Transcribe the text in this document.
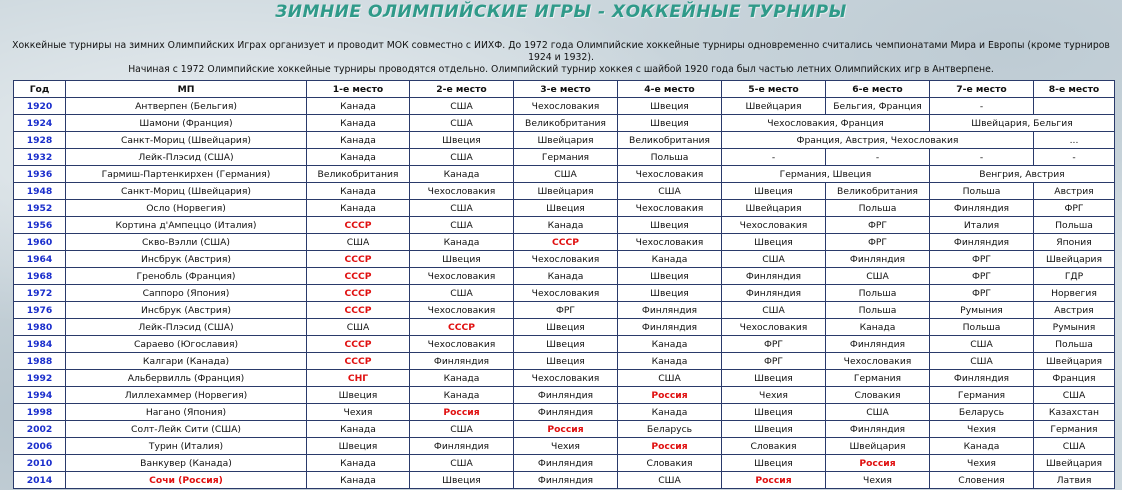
ЗИМНИЕ ОЛИМПИЙСКИЕ ИГРЫ - ХОККЕЙНЫЕ ТУРНИРЫ
Хоккейные турниры на зимних Олимпийских Играх организует и проводит МОК совместно с ИИХФ. До 1972 года Олимпийские хоккейные турниры одновременно считались чемпионатами Мира и Европы (кроме турниров 1924 и 1932).
Начиная с 1972 Олимпийские хоккейные турниры проводятся отдельно. Олимпийский турнир хоккея с шайбой 1920 года был частью летних Олимпийских игр в Антверпене.
Год	МП	1-е место	2-е место	3-е место	4-е место	5-е место	6-е место	7-е место	8-е место
1920	Антверпен (Бельгия)	Канада	США	Чехословакия	Швеция	Швейцария	Бельгия, Франция	-	
1924	Шамони (Франция)	Канада	США	Великобритания	Швеция	Чехословакия, Франция		Швейцария, Бельгия	
1928	Санкт-Мориц (Швейцария)	Канада	Швеция	Швейцария	Великобритания	Франция, Австрия, Чехословакия			...
1932	Лейк-Плэсид (США)	Канада	США	Германия	Польша	-	-	-	-
1936	Гармиш-Партенкирхен (Германия)	Великобритания	Канада	США	Чехословакия	Германия, Швеция		Венгрия, Австрия	
1948	Санкт-Мориц (Швейцария)	Канада	Чехословакия	Швейцария	США	Швеция	Великобритания	Польша	Австрия
1952	Осло (Норвегия)	Канада	США	Швеция	Чехословакия	Швейцария	Польша	Финляндия	ФРГ
1956	Кортина д'Ампеццо (Италия)	СССР	США	Канада	Швеция	Чехословакия	ФРГ	Италия	Польша
1960	Скво-Вэлли (США)	США	Канада	СССР	Чехословакия	Швеция	ФРГ	Финляндия	Япония
1964	Инсбрук (Австрия)	СССР	Швеция	Чехословакия	Канада	США	Финляндия	ФРГ	Швейцария
1968	Гренобль (Франция)	СССР	Чехословакия	Канада	Швеция	Финляндия	США	ФРГ	ГДР
1972	Саппоро (Япония)	СССР	США	Чехословакия	Швеция	Финляндия	Польша	ФРГ	Норвегия
1976	Инсбрук (Австрия)	СССР	Чехословакия	ФРГ	Финляндия	США	Польша	Румыния	Австрия
1980	Лейк-Плэсид (США)	США	СССР	Швеция	Финляндия	Чехословакия	Канада	Польша	Румыния
1984	Сараево (Югославия)	СССР	Чехословакия	Швеция	Канада	ФРГ	Финляндия	США	Польша
1988	Калгари (Канада)	СССР	Финляндия	Швеция	Канада	ФРГ	Чехословакия	США	Швейцария
1992	Альбервилль (Франция)	СНГ	Канада	Чехословакия	США	Швеция	Германия	Финляндия	Франция
1994	Лиллехаммер (Норвегия)	Швеция	Канада	Финляндия	Россия	Чехия	Словакия	Германия	США
1998	Нагано (Япония)	Чехия	Россия	Финляндия	Канада	Швеция	США	Беларусь	Казахстан
2002	Солт-Лейк Сити (США)	Канада	США	Россия	Беларусь	Швеция	Финляндия	Чехия	Германия
2006	Турин (Италия)	Швеция	Финляндия	Чехия	Россия	Словакия	Швейцария	Канада	США
2010	Ванкувер (Канада)	Канада	США	Финляндия	Словакия	Швеция	Россия	Чехия	Швейцария
2014	Сочи (Россия)	Канада	Швеция	Финляндия	США	Россия	Чехия	Словения	Латвия
